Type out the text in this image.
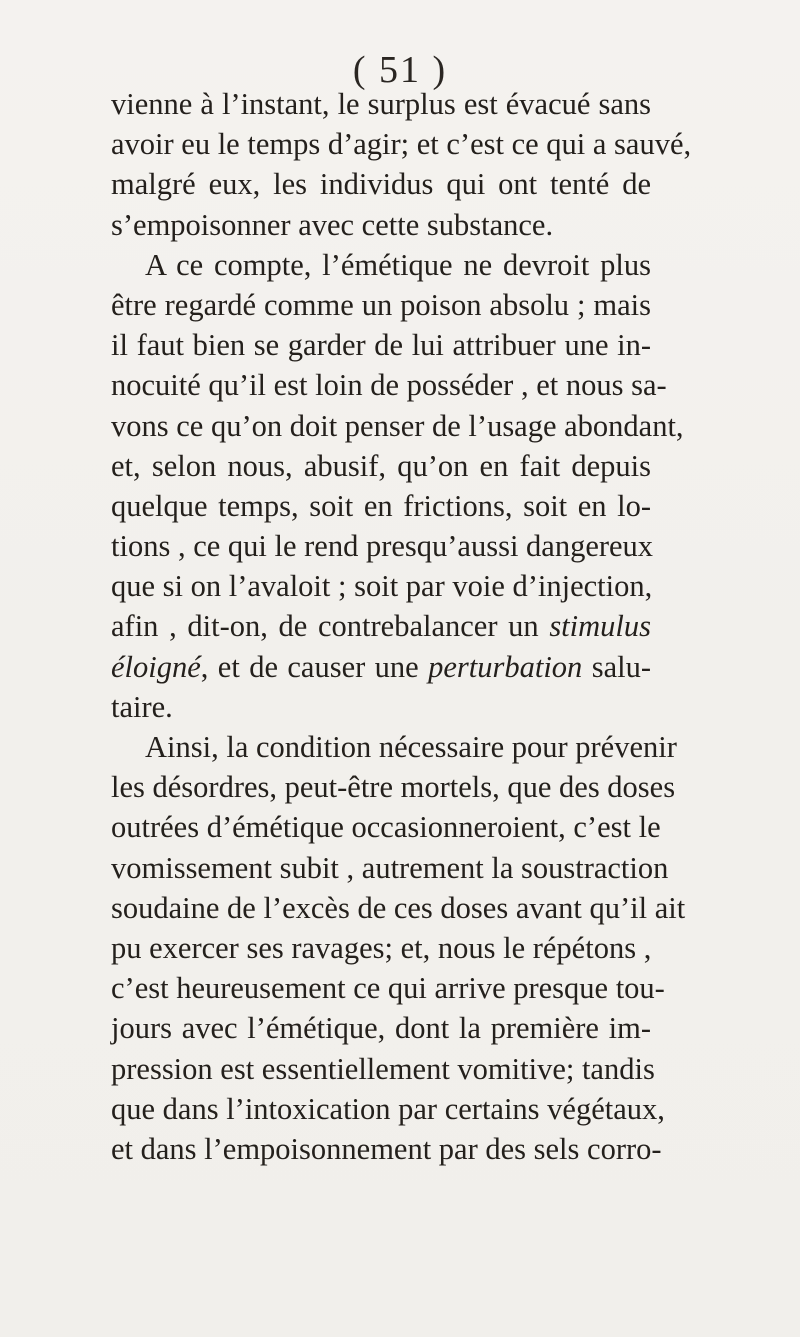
( 51 )
vienne à l’instant, le surplus est évacué sans
avoir eu le temps d’agir; et c’est ce qui a sauvé,
malgré eux, les individus qui ont tenté de
s’empoisonner avec cette substance.
A ce compte, l’émétique ne devroit plus
être regardé comme un poison absolu ; mais
il faut bien se garder de lui attribuer une in-
nocuité qu’il est loin de posséder , et nous sa-
vons ce qu’on doit penser de l’usage abondant,
et, selon nous, abusif, qu’on en fait depuis
quelque temps, soit en frictions, soit en lo-
tions , ce qui le rend presqu’aussi dangereux
que si on l’avaloit ; soit par voie d’injection,
afin , dit-on, de contrebalancer un stimulus
éloigné, et de causer une perturbation salu-
taire.
Ainsi, la condition nécessaire pour prévenir
les désordres, peut-être mortels, que des doses
outrées d’émétique occasionneroient, c’est le
vomissement subit , autrement la soustraction
soudaine de l’excès de ces doses avant qu’il ait
pu exercer ses ravages; et, nous le répétons ,
c’est heureusement ce qui arrive presque tou-
jours avec l’émétique, dont la première im-
pression est essentiellement vomitive; tandis
que dans l’intoxication par certains végétaux,
et dans l’empoisonnement par des sels corro-
